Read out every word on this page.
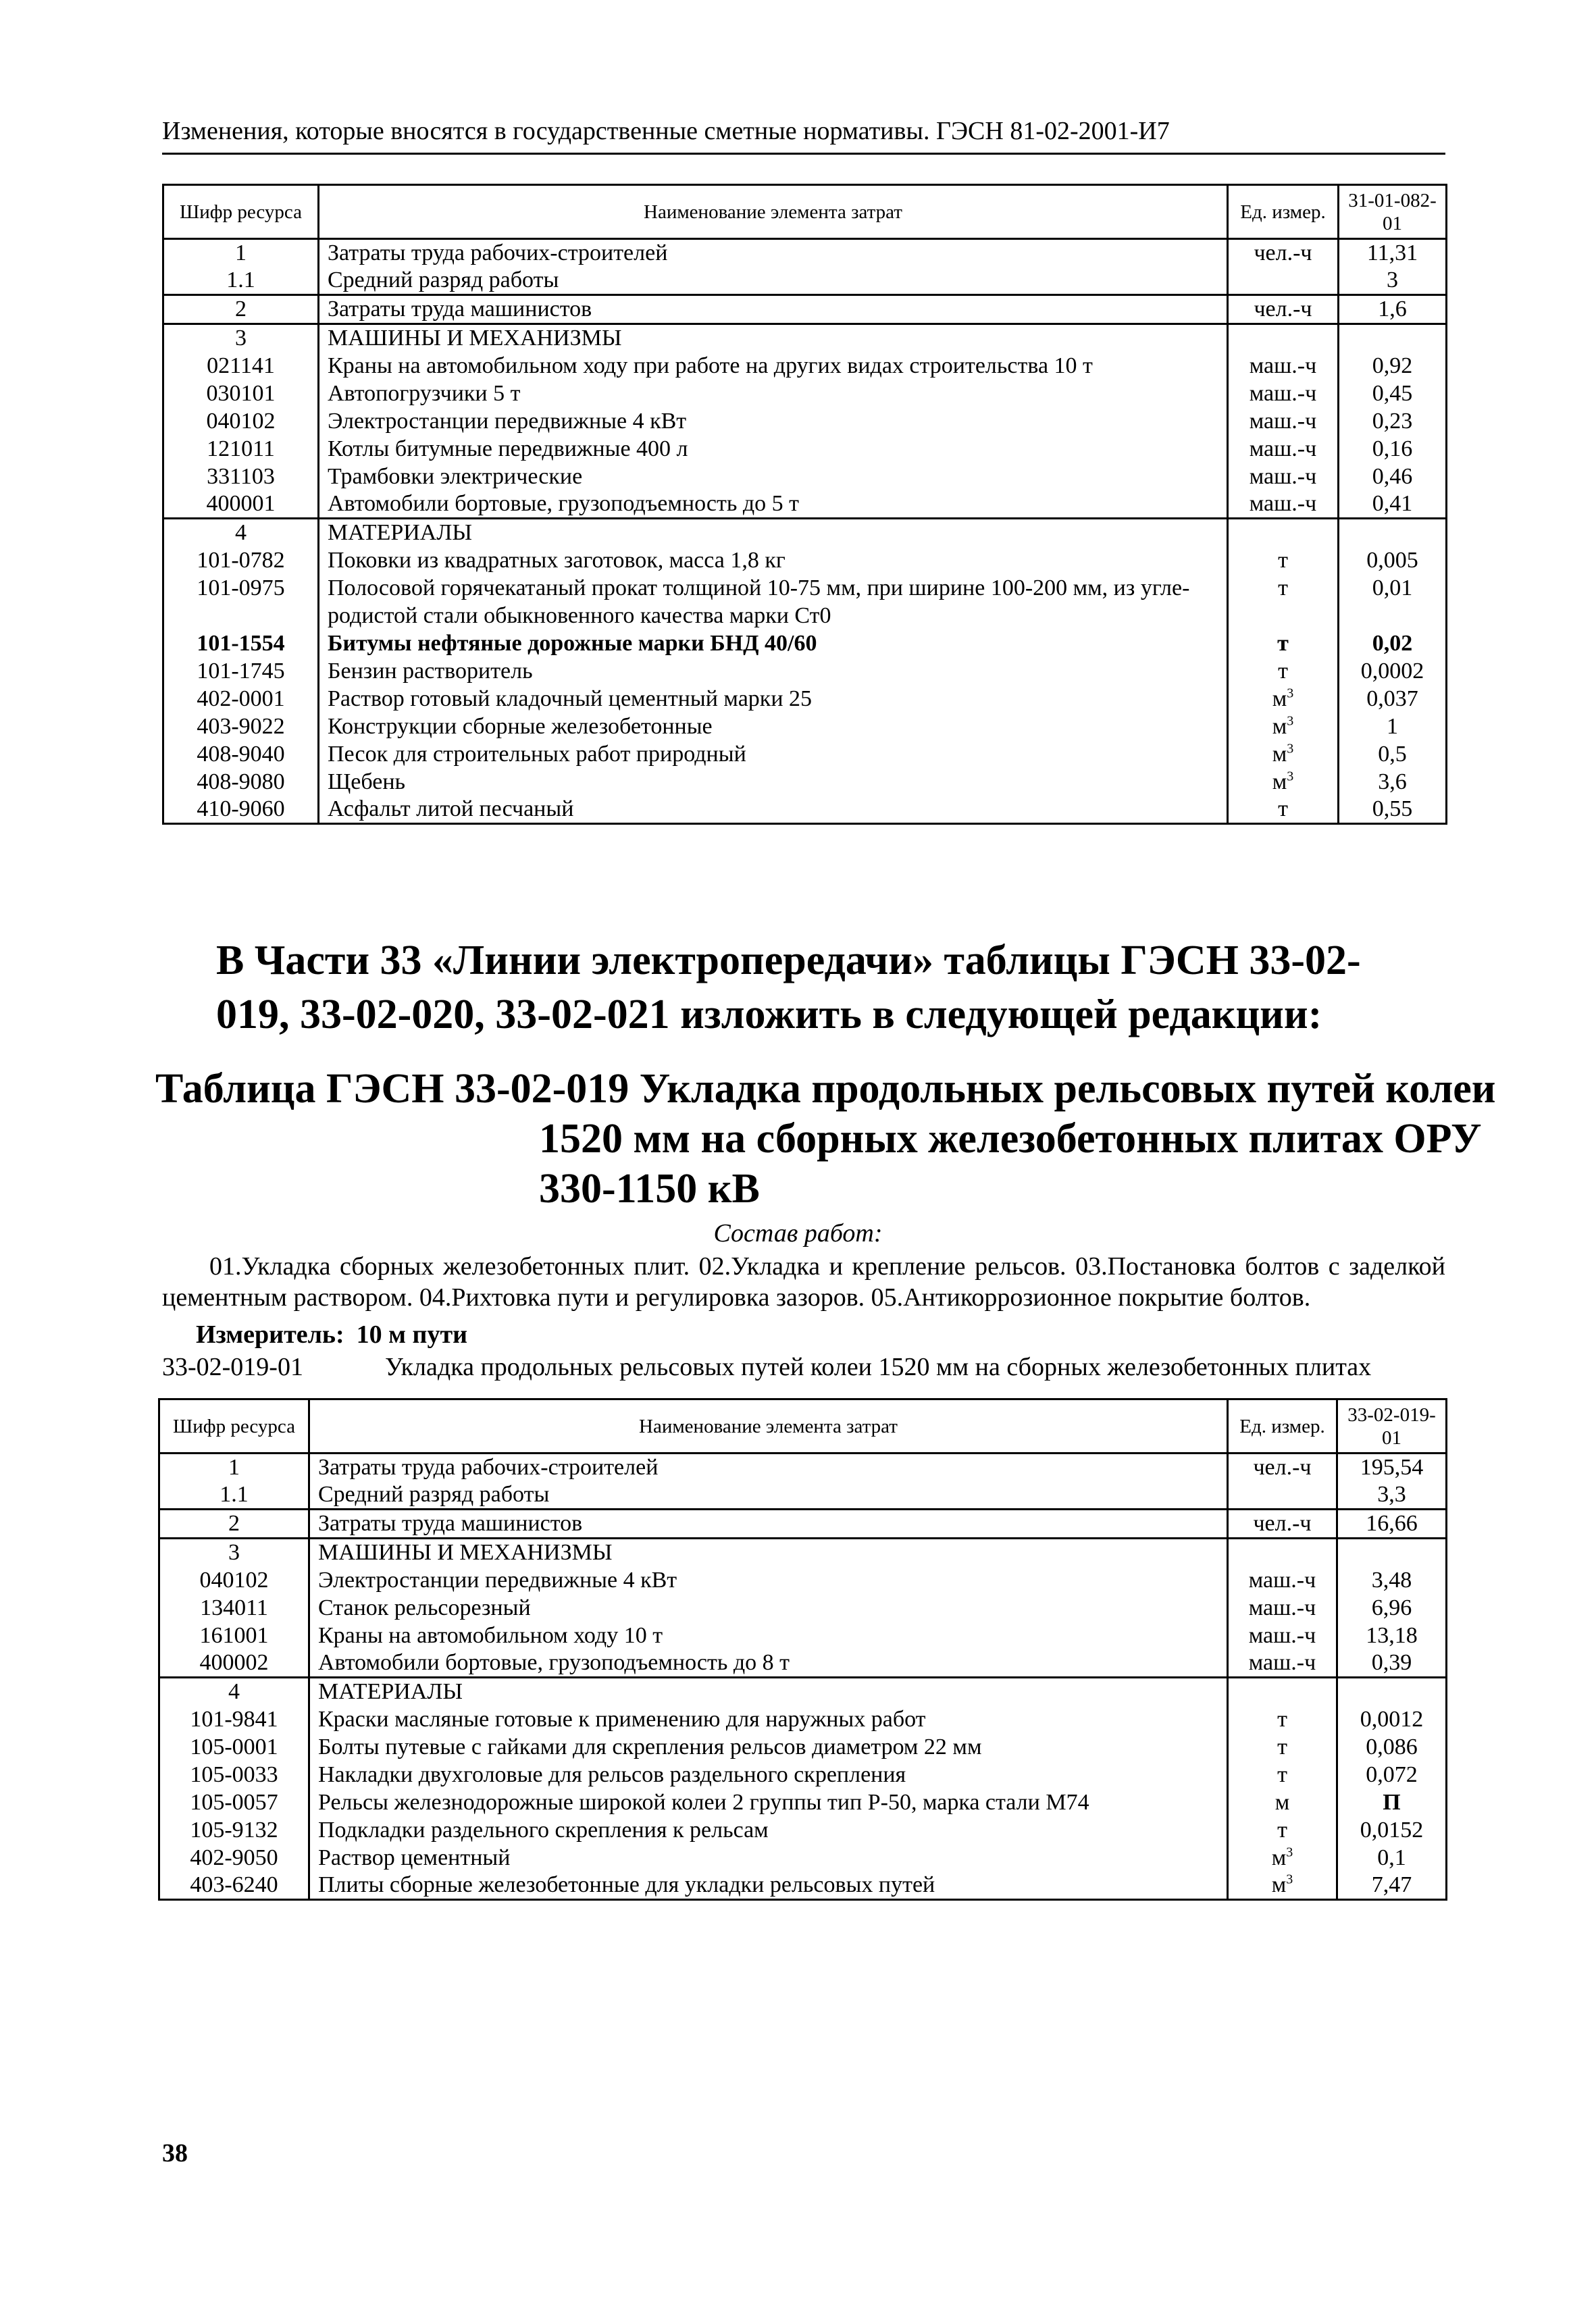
Изменения, которые вносятся в государственные сметные нормативы. ГЭСН 81-02-2001-И7
Шифр ресурса	Наименование элемента затрат	Ед. измер.	31-01-082-01
1	Затраты труда рабочих-строителей	чел.-ч	11,31
1.1	Средний разряд работы		3
2	Затраты труда машинистов	чел.-ч	1,6
3	МАШИНЫ И МЕХАНИЗМЫ		
021141	Краны на автомобильном ходу при работе на других видах строительства 10 т	маш.-ч	0,92
030101	Автопогрузчики 5 т	маш.-ч	0,45
040102	Электростанции передвижные 4 кВт	маш.-ч	0,23
121011	Котлы битумные передвижные 400 л	маш.-ч	0,16
331103	Трамбовки электрические	маш.-ч	0,46
400001	Автомобили бортовые, грузоподъемность до 5 т	маш.-ч	0,41
4	МАТЕРИАЛЫ		
101-0782	Поковки из квадратных заготовок, масса 1,8 кг	т	0,005
101-0975	Полосовой горячекатаный прокат толщиной 10-75 мм, при ширине 100-200 мм, из угле-	т	0,01
	родистой стали обыкновенного качества марки Ст0		
101-1554	Битумы нефтяные дорожные марки БНД 40/60	т	0,02
101-1745	Бензин растворитель	т	0,0002
402-0001	Раствор готовый кладочный цементный марки 25	$м^3$	0,037
403-9022	Конструкции сборные железобетонные	$м^3$	1
408-9040	Песок для строительных работ природный	$м^3$	0,5
408-9080	Щебень	$м^3$	3,6
410-9060	Асфальт литой песчаный	т	0,55
В Части 33 «Линии электропередачи» таблицы ГЭСН 33-02-019, 33-02-020, 33-02-021 изложить в следующей редакции:
Таблица ГЭСН 33-02-019 Укладка продольных рельсовых путей колеи
1520 мм на сборных железобетонных плитах ОРУ
330-1150 кВ
Состав работ:
01.Укладка сборных железобетонных плит. 02.Укладка и крепление рельсов. 03.Постановка болтов с заделкой цементным раствором. 04.Рихтовка пути и регулировка зазоров. 05.Антикоррозионное покрытие болтов.
Измеритель: 10 м пути
33-02-019-01	Укладка продольных рельсовых путей колеи 1520 мм на сборных железобетонных плитах
Шифр ресурса	Наименование элемента затрат	Ед. измер.	33-02-019-01
1	Затраты труда рабочих-строителей	чел.-ч	195,54
1.1	Средний разряд работы		3,3
2	Затраты труда машинистов	чел.-ч	16,66
3	МАШИНЫ И МЕХАНИЗМЫ		
040102	Электростанции передвижные 4 кВт	маш.-ч	3,48
134011	Станок рельсорезный	маш.-ч	6,96
161001	Краны на автомобильном ходу 10 т	маш.-ч	13,18
400002	Автомобили бортовые, грузоподъемность до 8 т	маш.-ч	0,39
4	МАТЕРИАЛЫ		
101-9841	Краски масляные готовые к применению для наружных работ	т	0,0012
105-0001	Болты путевые с гайками для скрепления рельсов диаметром 22 мм	т	0,086
105-0033	Накладки двухголовые для рельсов раздельного скрепления	т	0,072
105-0057	Рельсы железнодорожные широкой колеи 2 группы тип Р-50, марка стали М74	м	П
105-9132	Подкладки раздельного скрепления к рельсам	т	0,0152
402-9050	Раствор цементный	$м^3$	0,1
403-6240	Плиты сборные железобетонные для укладки рельсовых путей	$м^3$	7,47
38
